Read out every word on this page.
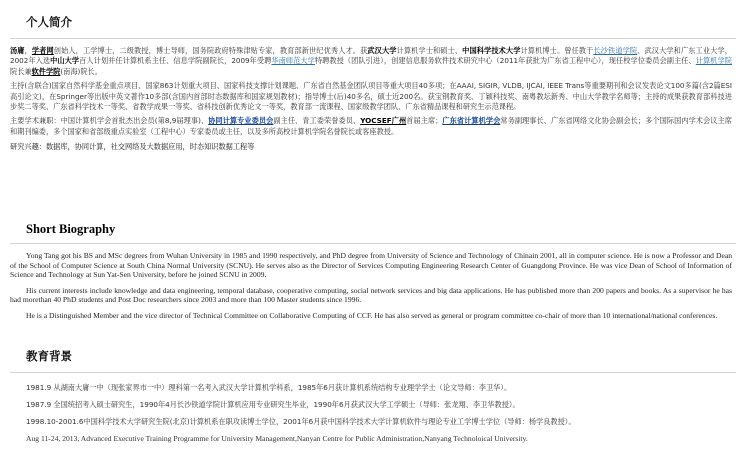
个人简介

汤庸，学者网创始人，工学博士，二级教授，博士导师，国务院政府特殊津贴专家，教育部新世纪优秀人才。获武汉大学计算机学士和硕士、中国科学技术大学计算机博士。曾任教于长沙铁道学院、武汉大学和广东工业大学，2002年入选中山大学百人计划并任计算机系主任、信息学院副院长，2009年受聘华南师范大学特聘教授（团队引进），创建信息服务软件技术研究中心（2011年获批为广东省工程中心），现任校学位委员会副主任、计算机学院院长兼软件学院(南海)院长。

主持(含联合)国家自然科学基金重点项目、国家863计划重大项目、国家科技支撑计划课题、广东省自然基金团队项目等重大项目40多项；在AAAI, SIGIR, VLDB, IJCAI, IEEE Trans等重要期刊和会议发表论文100多篇(含2篇ESI高引论文)，在Springer等出版中英文著作10多部(含国内首部时态数据库和国家规划教材)；指导博士(后)40多名，硕士近200名。获宝钢教育奖、丁颖科技奖、南粤教坛新秀、中山大学教学名师等；主持的成果获教育部科技进步奖二等奖、广东省科学技术一等奖、省教学成果一等奖、省科技创新优秀论文一等奖，教育部一流课程、国家级教学团队、广东省精品课程和研究生示范课程。

主要学术兼职：中国计算机学会首批杰出会员(第8,9届理事)、协同计算专业委员会副主任、青工委荣誉委员、YOCSEF广州首届主席；广东省计算机学会常务副理事长、广东省网络文化协会副会长；多个国际国内学术会议主席和期刊编委，多个国家和省部级重点实验室（工程中心）专家委员或主任，以及多所高校计算机学院名誉院长或客座教授。

研究兴趣：数据库，协同计算，社交网络及大数据应用，时态知识数据工程等

Short Biography

Yong Tang got his BS and MSc degrees from Wuhan University in 1985 and 1990 respectively, and PhD degree from University of Science and Technology of Chinain 2001, all in computer science. He is now a Professor and Dean of the School of Computer Science at South China Normal University (SCNU). He serves also as the Director of Services Computing Engineering Research Center of Guangdong Province. He was vice Dean of School of Information of Science and Technology at Sun Yat-Sen University, before he joined SCNU in 2009.

His current interests include knowledge and data engineering, temporal database, cooperative computing, social network services and big data applications. He has published more than 200 papers and books. As a supervisor he has had morethan 40 PhD students and Post Doc researchers since 2003 and more than 100 Master students since 1996.

He is a Distinguished Member and the vice director of Technical Committee on Collaborative Computing of CCF. He has also served as general or program committee co-chair of more than 10 international/national conferences.

教育背景

1981.9 从湖南大庸一中（现张家界市一中）理科第一名考入武汉大学计算机学科系，1985年6月获计算机系统结构专业理学学士（论文导师：李卫华）。

1987.9 全国统招考入硕士研究生，1990年4月长沙铁道学院计算机应用专业研究生毕业，1990年6月获武汉大学工学硕士（导师：张龙翔、李卫华教授）。

1998.10-2001.6中国科学技术大学研究生院(北京)计算机系在职攻读博士学位，2001年6月获中国科学技术大学计算机软件与理论专业工学博士学位（导师：杨学良教授）。

Aug 11-24, 2013, Advanced Executive Training Programme for University Management,Nanyan Centre for Public Administration,Nanyang Technoloical University.
